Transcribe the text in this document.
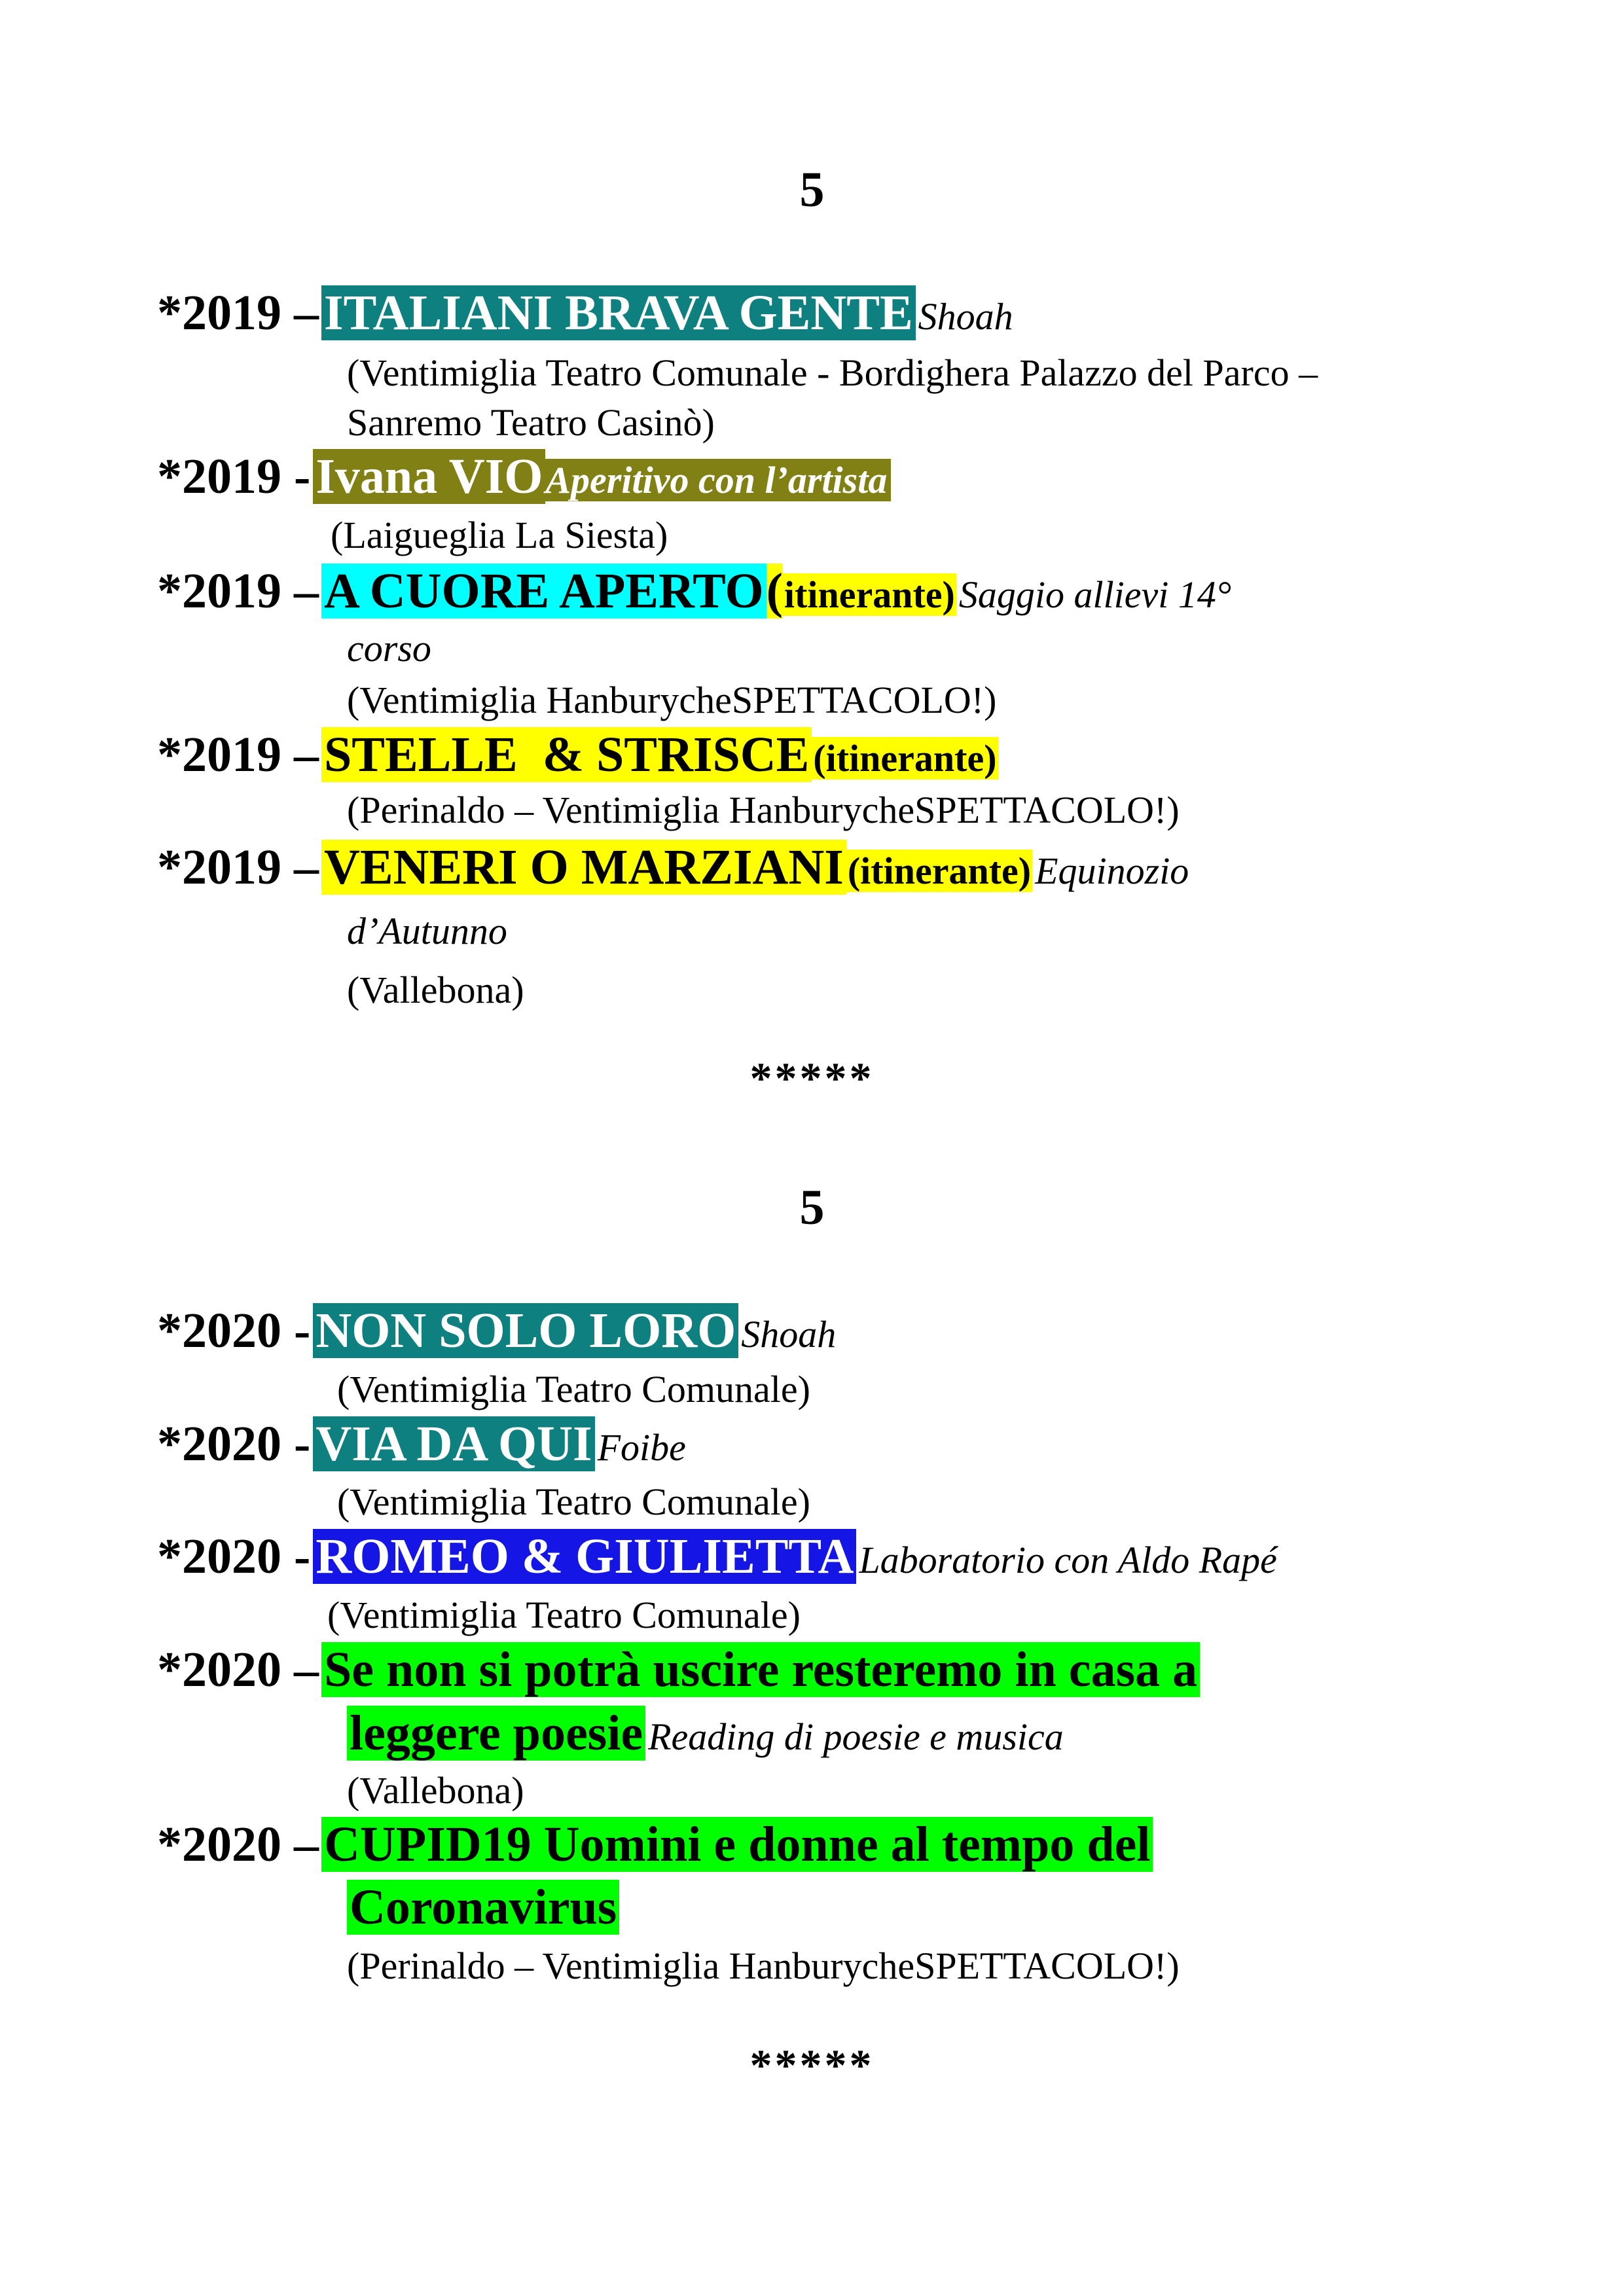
5
*2019 – ITALIANI BRAVA GENTE Shoah
(Ventimiglia Teatro Comunale - Bordighera Palazzo del Parco –
Sanremo Teatro Casinò)
*2019 - Ivana VIOAperitivo con l’artista
(Laigueglia La Siesta)
*2019 – A CUORE APERTO(itinerante) Saggio allievi 14°
corso
(Ventimiglia HanburycheSPETTACOLO!)
*2019 – STELLE  & STRISCE (itinerante)
(Perinaldo – Ventimiglia HanburycheSPETTACOLO!)
*2019 – VENERI O MARZIANI (itinerante) Equinozio
d’Autunno
(Vallebona)
*****
5
*2020 - NON SOLO LORO Shoah
(Ventimiglia Teatro Comunale)
*2020 - VIA DA QUI Foibe
(Ventimiglia Teatro Comunale)
*2020 - ROMEO & GIULIETTA Laboratorio con Aldo Rapé
(Ventimiglia Teatro Comunale)
*2020 – Se non si potrà uscire resteremo in casa a
leggere poesie Reading di poesie e musica
(Vallebona)
*2020 – CUPID19 Uomini e donne al tempo del
Coronavirus
(Perinaldo – Ventimiglia HanburycheSPETTACOLO!)
*****
